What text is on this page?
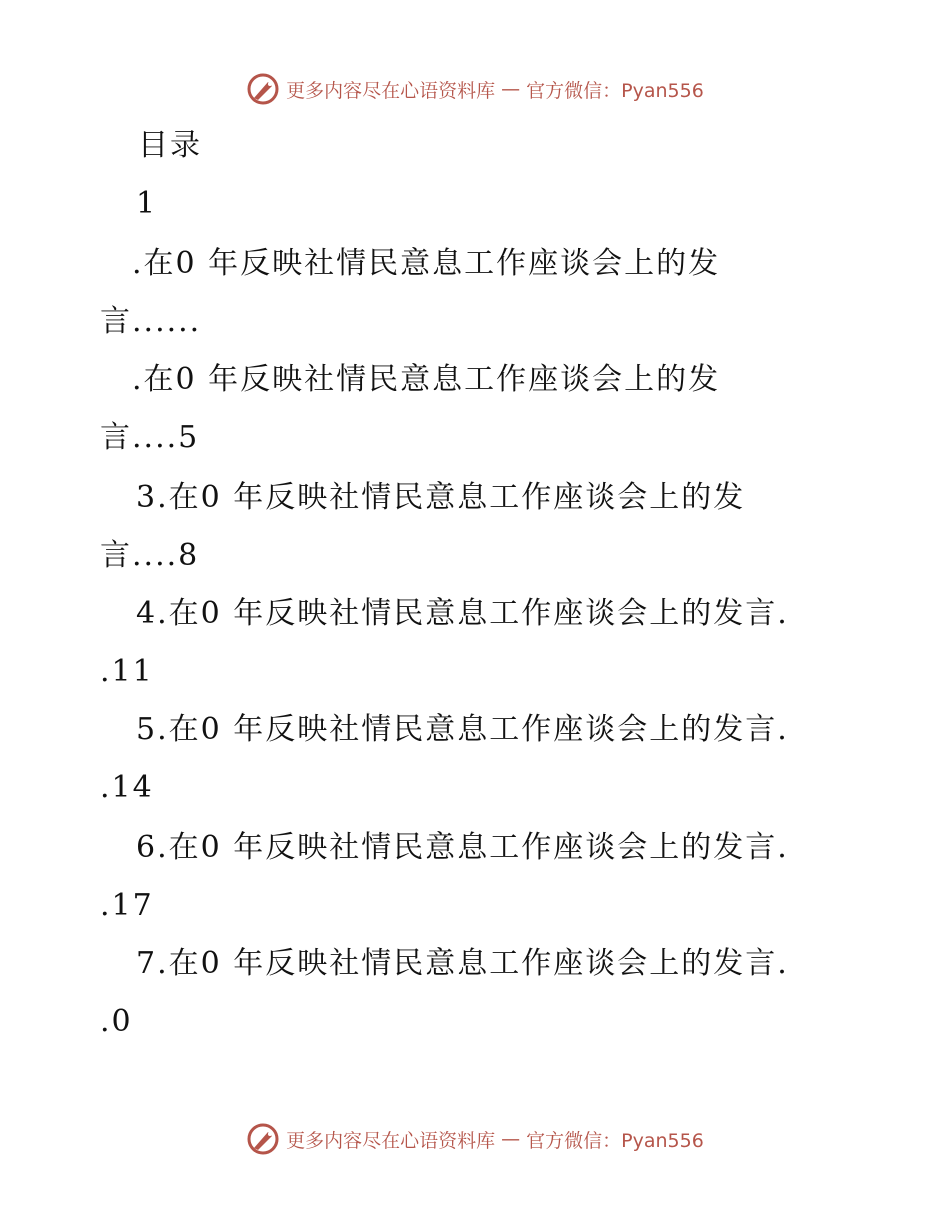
更多内容尽在心语资料库 — 官方微信：Pyan556
目录
1
.在0 年反映社情民意息工作座谈会上的发
言......
.在0 年反映社情民意息工作座谈会上的发
言....5
3.在0 年反映社情民意息工作座谈会上的发
言....8
4.在0 年反映社情民意息工作座谈会上的发言.
.11
5.在0 年反映社情民意息工作座谈会上的发言.
.14
6.在0 年反映社情民意息工作座谈会上的发言.
.17
7.在0 年反映社情民意息工作座谈会上的发言.
.0
更多内容尽在心语资料库 — 官方微信：Pyan556
